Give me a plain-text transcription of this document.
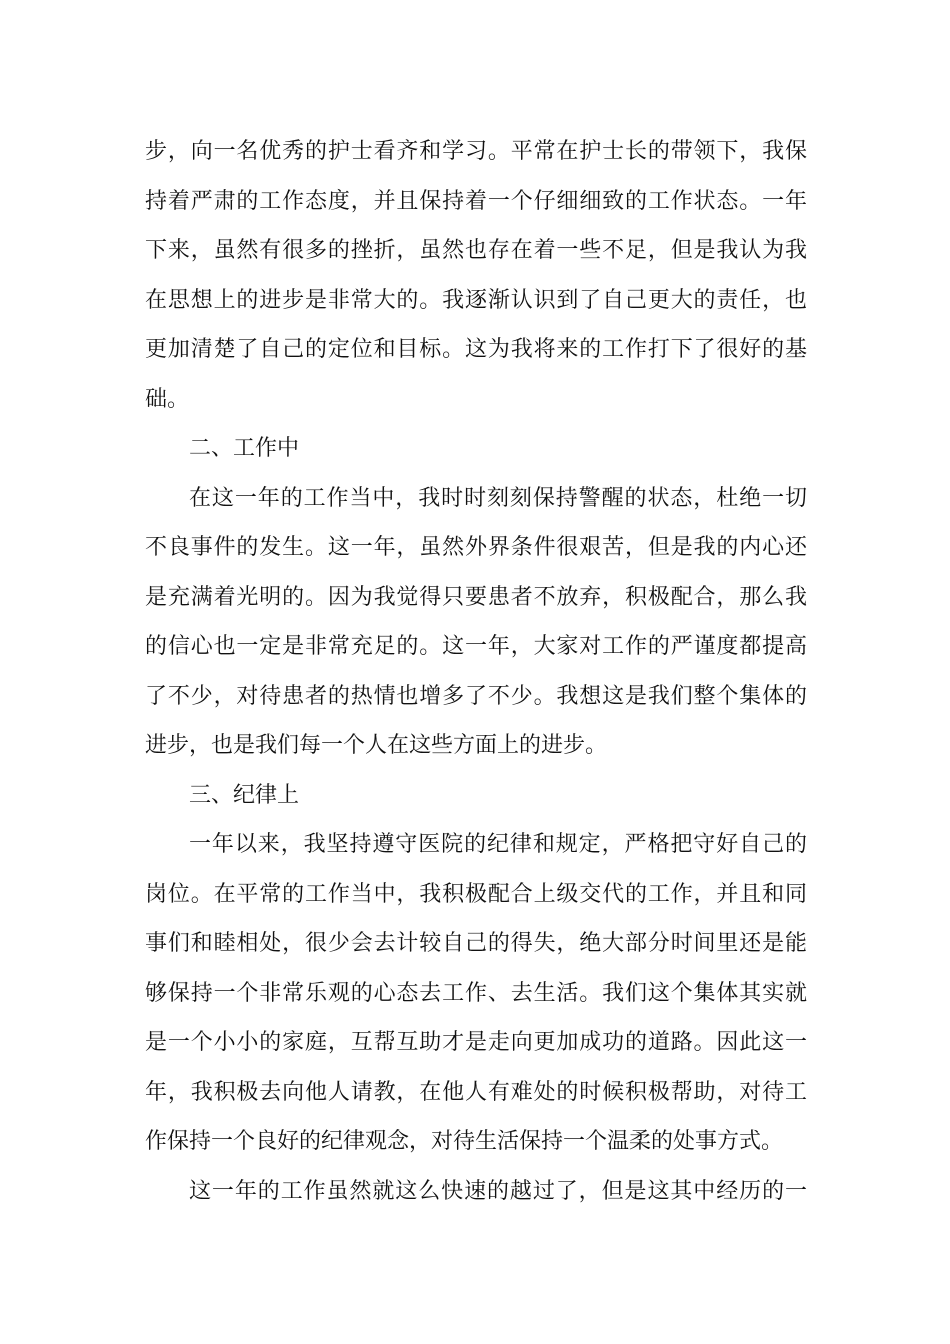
步，向一名优秀的护士看齐和学习。平常在护士长的带领下，我保
持着严肃的工作态度，并且保持着一个仔细细致的工作状态。一年
下来，虽然有很多的挫折，虽然也存在着一些不足，但是我认为我
在思想上的进步是非常大的。我逐渐认识到了自己更大的责任，也
更加清楚了自己的定位和目标。这为我将来的工作打下了很好的基
础。
二、工作中
在这一年的工作当中，我时时刻刻保持警醒的状态，杜绝一切
不良事件的发生。这一年，虽然外界条件很艰苦，但是我的内心还
是充满着光明的。因为我觉得只要患者不放弃，积极配合，那么我
的信心也一定是非常充足的。这一年，大家对工作的严谨度都提高
了不少，对待患者的热情也增多了不少。我想这是我们整个集体的
进步，也是我们每一个人在这些方面上的进步。
三、纪律上
一年以来，我坚持遵守医院的纪律和规定，严格把守好自己的
岗位。在平常的工作当中，我积极配合上级交代的工作，并且和同
事们和睦相处，很少会去计较自己的得失，绝大部分时间里还是能
够保持一个非常乐观的心态去工作、去生活。我们这个集体其实就
是一个小小的家庭，互帮互助才是走向更加成功的道路。因此这一
年，我积极去向他人请教，在他人有难处的时候积极帮助，对待工
作保持一个良好的纪律观念，对待生活保持一个温柔的处事方式。
这一年的工作虽然就这么快速的越过了，但是这其中经历的一
